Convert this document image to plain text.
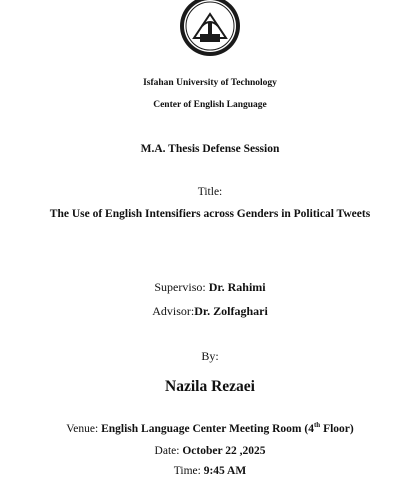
Isfahan University of Technology
Center of English Language
M.A. Thesis Defense Session
Title:
The Use of English Intensifiers across Genders in Political Tweets
Superviso: Dr. Rahimi
Advisor:Dr. Zolfaghari
By:
Nazila Rezaei
Venue: English Language Center Meeting Room (4th Floor)
Date: October 22 ,2025
Time: 9:45 AM
